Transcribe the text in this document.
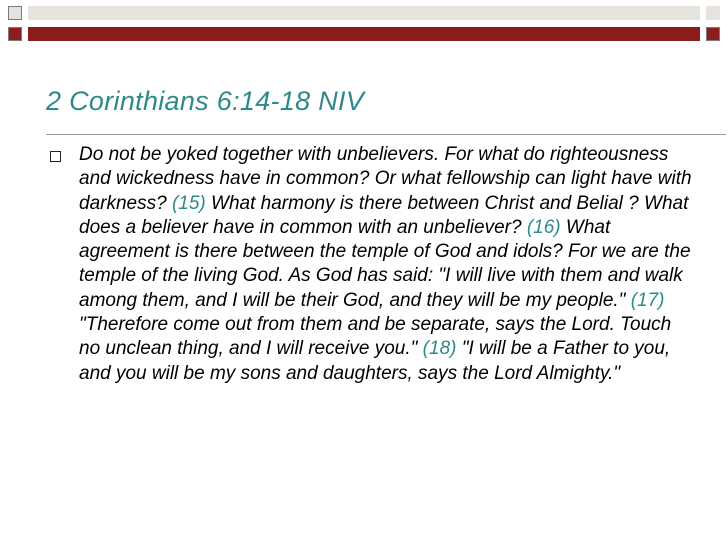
2 Corinthians 6:14-18 NIV
Do not be yoked together with unbelievers. For what do righteousness and wickedness have in common? Or what fellowship can light have with darkness? (15) What harmony is there between Christ and Belial ? What does a believer have in common with an unbeliever? (16) What agreement is there between the temple of God and idols? For we are the temple of the living God. As God has said: "I will live with them and walk among them, and I will be their God, and they will be my people." (17) "Therefore come out from them and be separate, says the Lord. Touch no unclean thing, and I will receive you." (18) "I will be a Father to you, and you will be my sons and daughters, says the Lord Almighty."
